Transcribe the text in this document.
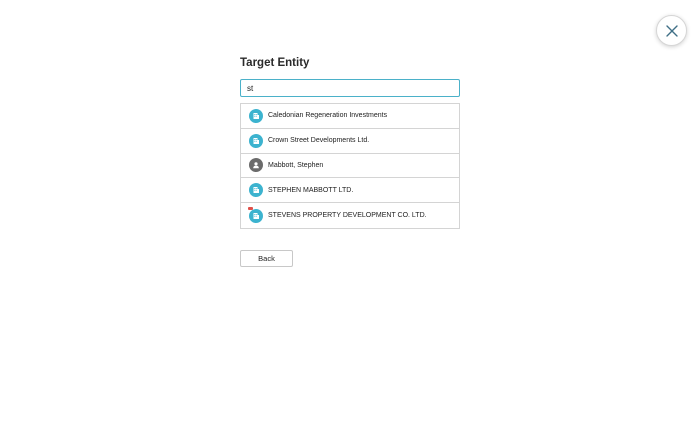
Target Entity
st
Caledonian Regeneration Investments
Crown Street Developments Ltd.
Mabbott, Stephen
STEPHEN MABBOTT LTD.
STEVENS PROPERTY DEVELOPMENT CO. LTD.
Back
